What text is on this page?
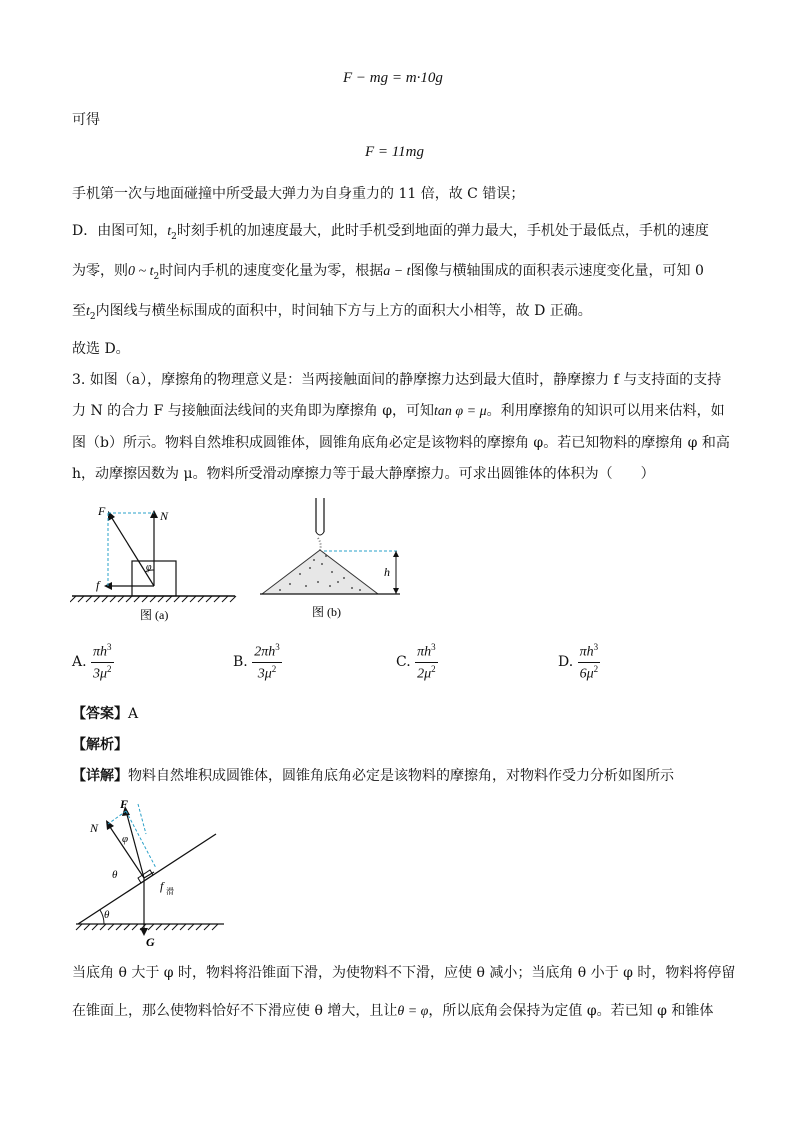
F − mg = m·10g
可得
F = 11mg
手机第一次与地面碰撞中所受最大弹力为自身重力的 11 倍，故 C 错误；
D．由图可知，$t_2$时刻手机的加速度最大，此时手机受到地面的弹力最大，手机处于最低点，手机的速度
为零，则0 ~ $t_2$时间内手机的速度变化量为零，根据a − t图像与横轴围成的面积表示速度变化量，可知 0
至$t_2$内图线与横坐标围成的面积中，时间轴下方与上方的面积大小相等，故 D 正确。
故选 D。
3. 如图（a），摩擦角的物理意义是：当两接触面间的静摩擦力达到最大值时，静摩擦力 f 与支持面的支持
力 N 的合力 F 与接触面法线间的夹角即为摩擦角 φ，可知tan φ = μ。利用摩擦角的知识可以用来估料，如
图（b）所示。物料自然堆积成圆锥体，圆锥角底角必定是该物料的摩擦角 φ。若已知物料的摩擦角 φ 和高
h，动摩擦因数为 μ。物料所受滑动摩擦力等于最大静摩擦力。可求出圆锥体的体积为（　　）
F	N
f
φ
图 (a)
h
图 (b)
A. $\frac{\pi h^3}{3\mu^2}$	B. $\frac{2\pi h^3}{3\mu^2}$	C. $\frac{\pi h^3}{2\mu^2}$	D. $\frac{\pi h^3}{6\mu^2}$
【答案】A
【解析】
【详解】物料自然堆积成圆锥体，圆锥角底角必定是该物料的摩擦角，对物料作受力分析如图所示
θ
G
N
F
φ
θ
f 滑
当底角 θ 大于 φ 时，物料将沿锥面下滑，为使物料不下滑，应使 θ 减小；当底角 θ 小于 φ 时，物料将停留
在锥面上，那么使物料恰好不下滑应使 θ 增大，且让θ = φ，所以底角会保持为定值 φ。若已知 φ 和锥体
